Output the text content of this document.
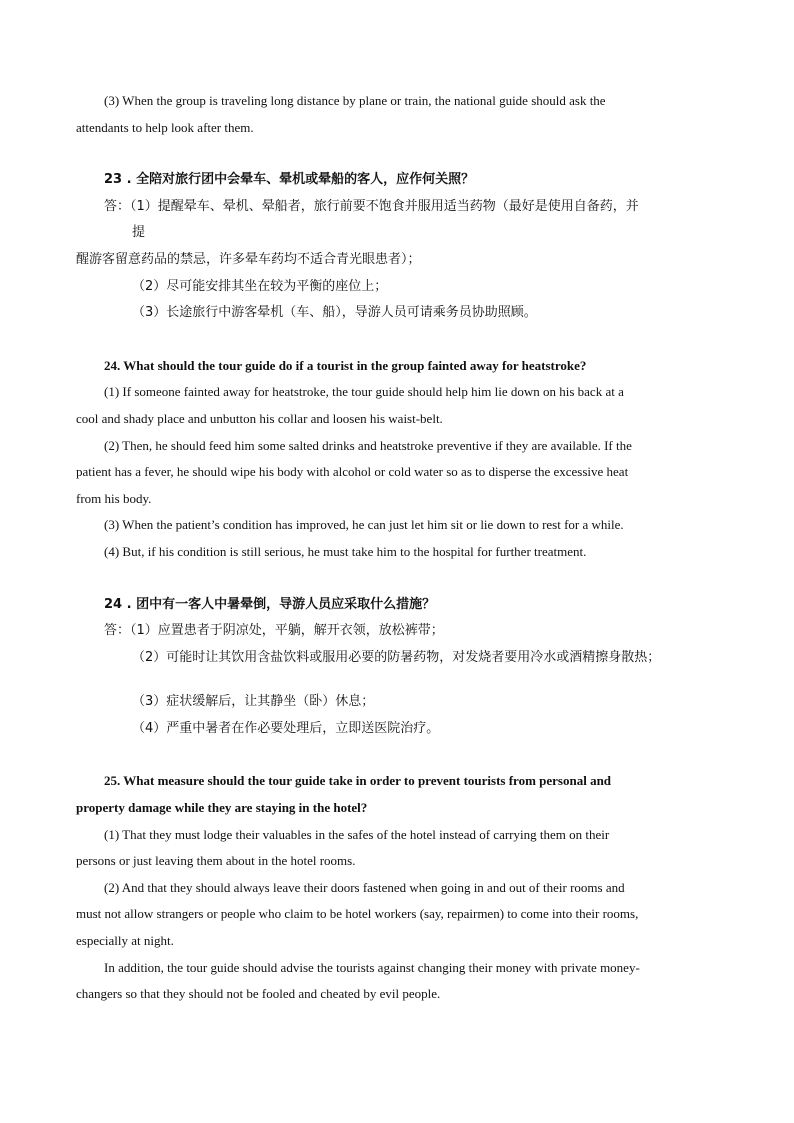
(3) When the group is traveling long distance by plane or train, the national guide should ask the
attendants to help look after them.
23 . 全陪对旅行团中会晕车、晕机或晕船的客人，应作何关照？
答：（1）提醒晕车、晕机、晕船者，旅行前要不饱食并服用适当药物（最好是使用自备药，并
提
醒游客留意药品的禁忌，许多晕车药均不适合青光眼患者）；
（2）尽可能安排其坐在较为平衡的座位上；
（3）长途旅行中游客晕机（车、船），导游人员可请乘务员协助照顾。
24. What should the tour guide do if a tourist in the group fainted away for heatstroke?
(1) If someone fainted away for heatstroke, the tour guide should help him lie down on his back at a
cool and shady place and unbutton his collar and loosen his waist-belt.
(2) Then, he should feed him some salted drinks and heatstroke preventive if they are available. If the
patient has a fever, he should wipe his body with alcohol or cold water so as to disperse the excessive heat
from his body.
(3) When the patient’s condition has improved, he can just let him sit or lie down to rest for a while.
(4) But, if his condition is still serious, he must take him to the hospital for further treatment.
24 . 团中有一客人中暑晕倒，导游人员应采取什么措施？
答：（1）应置患者于阴凉处，平躺，解开衣领，放松裤带；
（2）可能时让其饮用含盐饮料或服用必要的防暑药物，对发烧者要用冷水或酒精擦身散热；
（3）症状缓解后，让其静坐（卧）休息；
（4）严重中暑者在作必要处理后，立即送医院治疗。
25. What measure should the tour guide take in order to prevent tourists from personal and
property damage while they are staying in the hotel?
(1) That they must lodge their valuables in the safes of the hotel instead of carrying them on their
persons or just leaving them about in the hotel rooms.
(2) And that they should always leave their doors fastened when going in and out of their rooms and
must not allow strangers or people who claim to be hotel workers (say, repairmen) to come into their rooms,
especially at night.
In addition, the tour guide should advise the tourists against changing their money with private money-
changers so that they should not be fooled and cheated by evil people.
